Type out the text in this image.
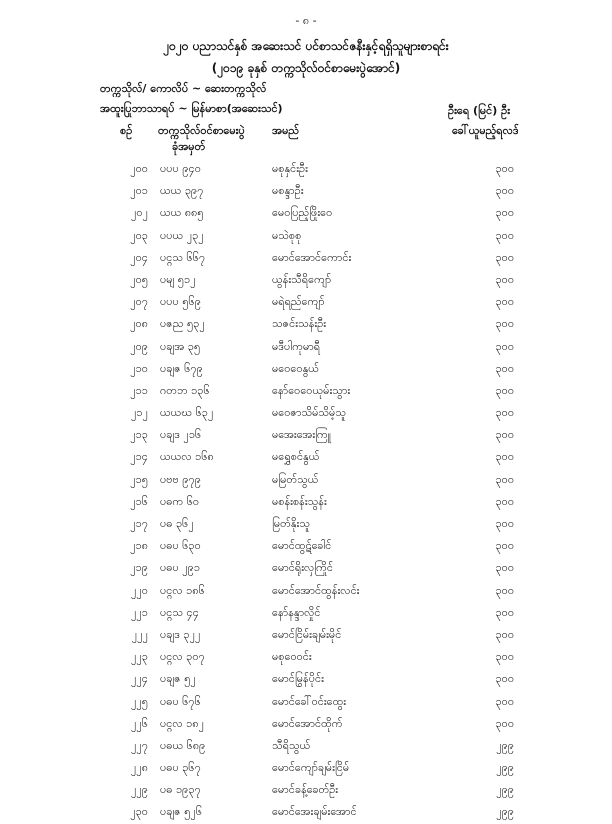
- ၈ -
၂၀၂၀ ပညာသင်နှစ် အဆေးသင် ပင်စာသင်ဇနီးနှင့်ရရှိသူများစာရင်း
(၂၀၁၉ ခုနှစ် တက္ကသိုလ်ဝင်စာမေးပွဲအောင်)
တက္ကသိုလ်/ ကောလိပ် ~ ဆေးတက္ကသိုလ်
အထူးပြုဘာသာရပ် ~ မြန်မာစာ(အဆေးသင်)	ဦးရေ (မြင်) ဦး
စဉ် တက္ကသိုလ်ဝင်စာမေးပွဲ
ခုံအမှတ်
အမည်	ခေါ်ယူမည့်ရလဒ်
၂၀၀ ပပပ ၉၄၀	မစုနှင်းဦး	၃၀၀
၂၀၁ ယယ ၃၉၇	မစန္ဒာဦး	၃၀၀
၂၀၂ ယယ ၈၈၅	မေဝပြည့်ဖြိုးဝေ	၃၀၀
၂၀၃ ပပယ ၂၃၂	မသဲစုစု	၃၀၀
၂၀၄ ပင္ဂသ ၆၆၇	မောင်အောင်ကောင်း	၃၀၀
၂၀၅ ပမျ ၅၁၂	ယွန်းသီရိကျော်	၃၀၀
၂၀၇ ပပပ ၅၆၉	မရဲရည်ကျော်	၃၀၀
၂၀၈ ပဇည ၅၃၂	သဇင်းသန်းဦး	၃၀၀
၂၀၉ ပချအ ၃၅	မဒီပါကုမာရီ	၃၀၀
၂၁၀ ပချဇ ၆၇၉	မဝေဝေနွယ်	၃၀၀
၂၁၁ ဂတဘ ၁၃၆	နော်ဝေဝေယုမ်းသွား	၃၀၀
၂၁၂ ယယဃ ၆၃၂	မဝေဇာသိမ်သိမ့်သူ	၃၀၀
၂၁၃ ပချဒ ၂၁၆	မအေးအေးကြူ	၃၀၀
၂၁၄ ယယလ ၁၆၈	မရွှေစင်နွယ်	၃၀၀
၂၁၅ ပဗဗ ၉၇၉	မမြတ်သွယ်	၃၀၀
၂၁၆ ပဓက ၆၀	မစန်းစန်းသွန်း	၃၀၀
၂၁၇ ပဓ ၃၆၂	မြတ်နိုးသူ	၃၀၀
၂၁၈ ပဓပ ၆၃၀	မောင်ထွဋ်ခေါင်	၃၀၀
၂၁၉ ပဓပ ၂၉၁	မောင်ရိုးလှကြိုင်	၃၀၀
၂၂၀ ပင္ဂလ ၁၈၆	မောင်အောင်ထွန်းလင်း	၃၀၀
၂၂၁ ပင္ဂသ ၄၄	နော်နန္ဒာလှိုင်	၃၀၀
၂၂၂ ပချဒ ၃၂၂	မောင်ငြိမ်းချမ်းမိုင်	၃၀၀
၂၂၃ ပင္ဂလ ၃၀၇	မစုဝေဝင်း	၃၀၀
၂၂၄ ပချဇ ၅၂	မောင်မြွန်ပိုင်း	၃၀၀
၂၂၅ ပဓပ ၆၇၆	မောင်ခေါ်ဝင်းထွေး	၃၀၀
၂၂၆ ပင္ဂလ ၁၈၂	မောင်အောင်ထိုက်	၃၀၀
၂၂၇ ပဓယ ၆၈၉	သီရိသွယ်	၂၉၉
၂၂၈ ပဓပ ၃၆၇	မောင်ကျော်ချမ်းငြိမ်	၂၉၉
၂၂၉ ပဓ ၁၉၃၇	မောင်ခန့်ခေတ်ဦး	၂၉၉
၂၃၀ ပချဇ ၅၂၆	မောင်အေးချမ်းအောင်	၂၉၉
